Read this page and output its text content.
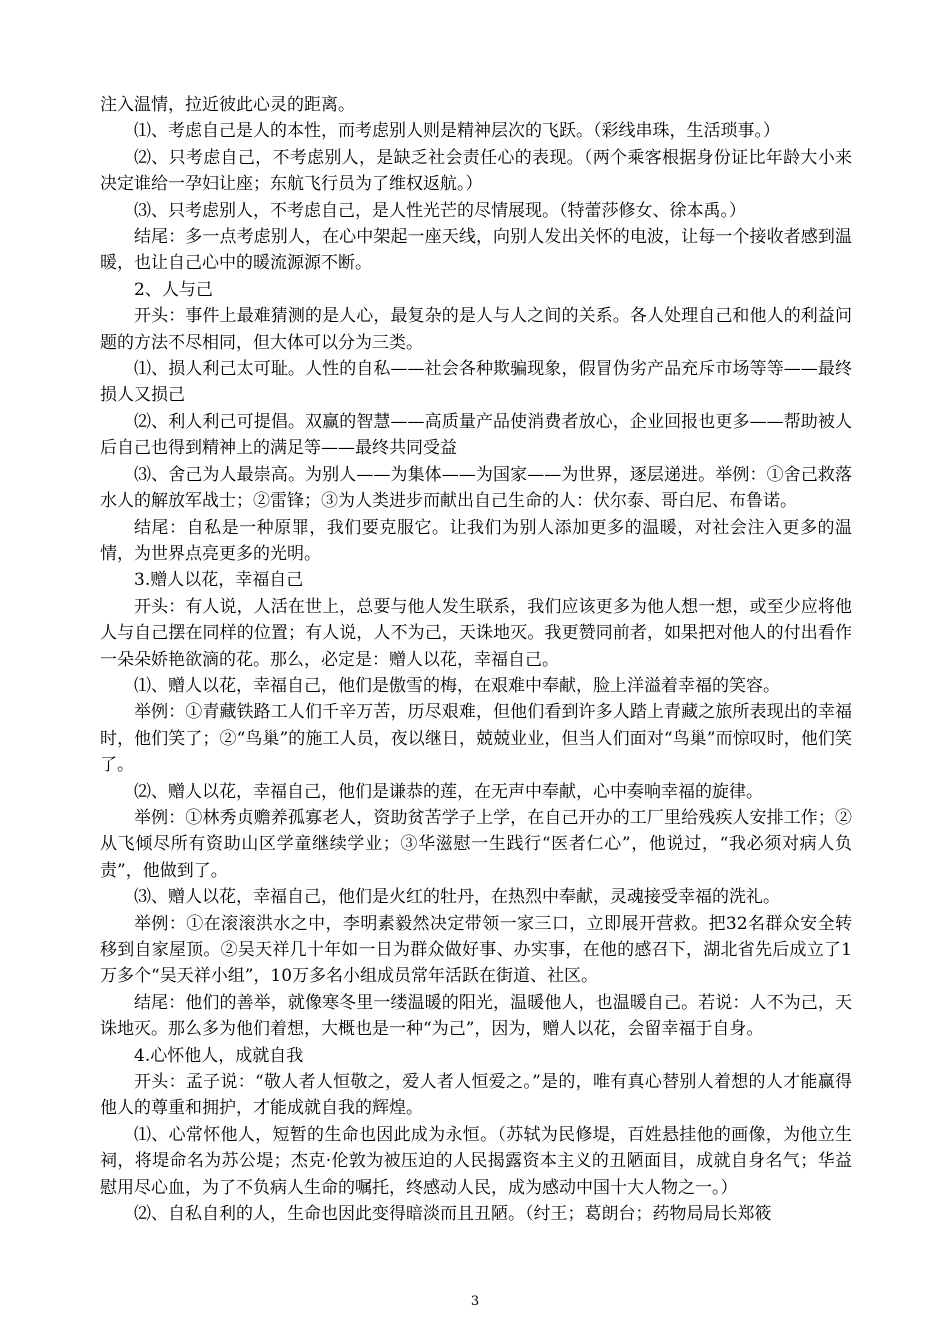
注入温情，拉近彼此心灵的距离。

⑴、考虑自己是人的本性，而考虑别人则是精神层次的飞跃。（彩线串珠，生活琐事。）

⑵、只考虑自己，不考虑别人，是缺乏社会责任心的表现。（两个乘客根据身份证比年龄大小来决定谁给一孕妇让座；东航飞行员为了维权返航。）

⑶、只考虑别人，不考虑自己，是人性光芒的尽情展现。（特蕾莎修女、徐本禹。）

结尾：多一点考虑别人，在心中架起一座天线，向别人发出关怀的电波，让每一个接收者感到温暖，也让自己心中的暖流源源不断。

2、人与己

开头：事件上最难猜测的是人心，最复杂的是人与人之间的关系。各人处理自己和他人的利益问题的方法不尽相同，但大体可以分为三类。

⑴、损人利己太可耻。人性的自私——社会各种欺骗现象，假冒伪劣产品充斥市场等等——最终损人又损己

⑵、利人利己可提倡。双赢的智慧——高质量产品使消费者放心，企业回报也更多——帮助被人后自己也得到精神上的满足等——最终共同受益

⑶、舍己为人最崇高。为别人——为集体——为国家——为世界，逐层递进。举例：①舍己救落水人的解放军战士；②雷锋；③为人类进步而献出自己生命的人：伏尔泰、哥白尼、布鲁诺。

结尾：自私是一种原罪，我们要克服它。让我们为别人添加更多的温暖，对社会注入更多的温情，为世界点亮更多的光明。

3.赠人以花，幸福自己

开头：有人说，人活在世上，总要与他人发生联系，我们应该更多为他人想一想，或至少应将他人与自己摆在同样的位置；有人说，人不为己，天诛地灭。我更赞同前者，如果把对他人的付出看作一朵朵娇艳欲滴的花。那么，必定是：赠人以花，幸福自己。

⑴、赠人以花，幸福自己，他们是傲雪的梅，在艰难中奉献，脸上洋溢着幸福的笑容。

举例：①青藏铁路工人们千辛万苦，历尽艰难，但他们看到许多人踏上青藏之旅所表现出的幸福时，他们笑了；②“鸟巢”的施工人员，夜以继日，兢兢业业，但当人们面对“鸟巢”而惊叹时，他们笑了。

⑵、赠人以花，幸福自己，他们是谦恭的莲，在无声中奉献，心中奏响幸福的旋律。

举例：①林秀贞赡养孤寡老人，资助贫苦学子上学，在自己开办的工厂里给残疾人安排工作；②从飞倾尽所有资助山区学童继续学业；③华滋慰一生践行“医者仁心”，他说过，“我必须对病人负责”，他做到了。

⑶、赠人以花，幸福自己，他们是火红的牡丹，在热烈中奉献，灵魂接受幸福的洗礼。

举例：①在滚滚洪水之中，李明素毅然决定带领一家三口，立即展开营救。把32名群众安全转移到自家屋顶。②吴天祥几十年如一日为群众做好事、办实事，在他的感召下，湖北省先后成立了1万多个“吴天祥小组”，10万多名小组成员常年活跃在街道、社区。

结尾：他们的善举，就像寒冬里一缕温暖的阳光，温暖他人，也温暖自己。若说：人不为己，天诛地灭。那么多为他们着想，大概也是一种“为己”，因为，赠人以花，会留幸福于自身。

4.心怀他人，成就自我

开头：孟子说：“敬人者人恒敬之，爱人者人恒爱之。”是的，唯有真心替别人着想的人才能赢得他人的尊重和拥护，才能成就自我的辉煌。

⑴、心常怀他人，短暂的生命也因此成为永恒。（苏轼为民修堤，百姓悬挂他的画像，为他立生祠，将堤命名为苏公堤；杰克·伦敦为被压迫的人民揭露资本主义的丑陋面目，成就自身名气；华益慰用尽心血，为了不负病人生命的嘱托，终感动人民，成为感动中国十大人物之一。）

⑵、自私自利的人，生命也因此变得暗淡而且丑陋。（纣王；葛朗台；药物局局长郑筱

3
